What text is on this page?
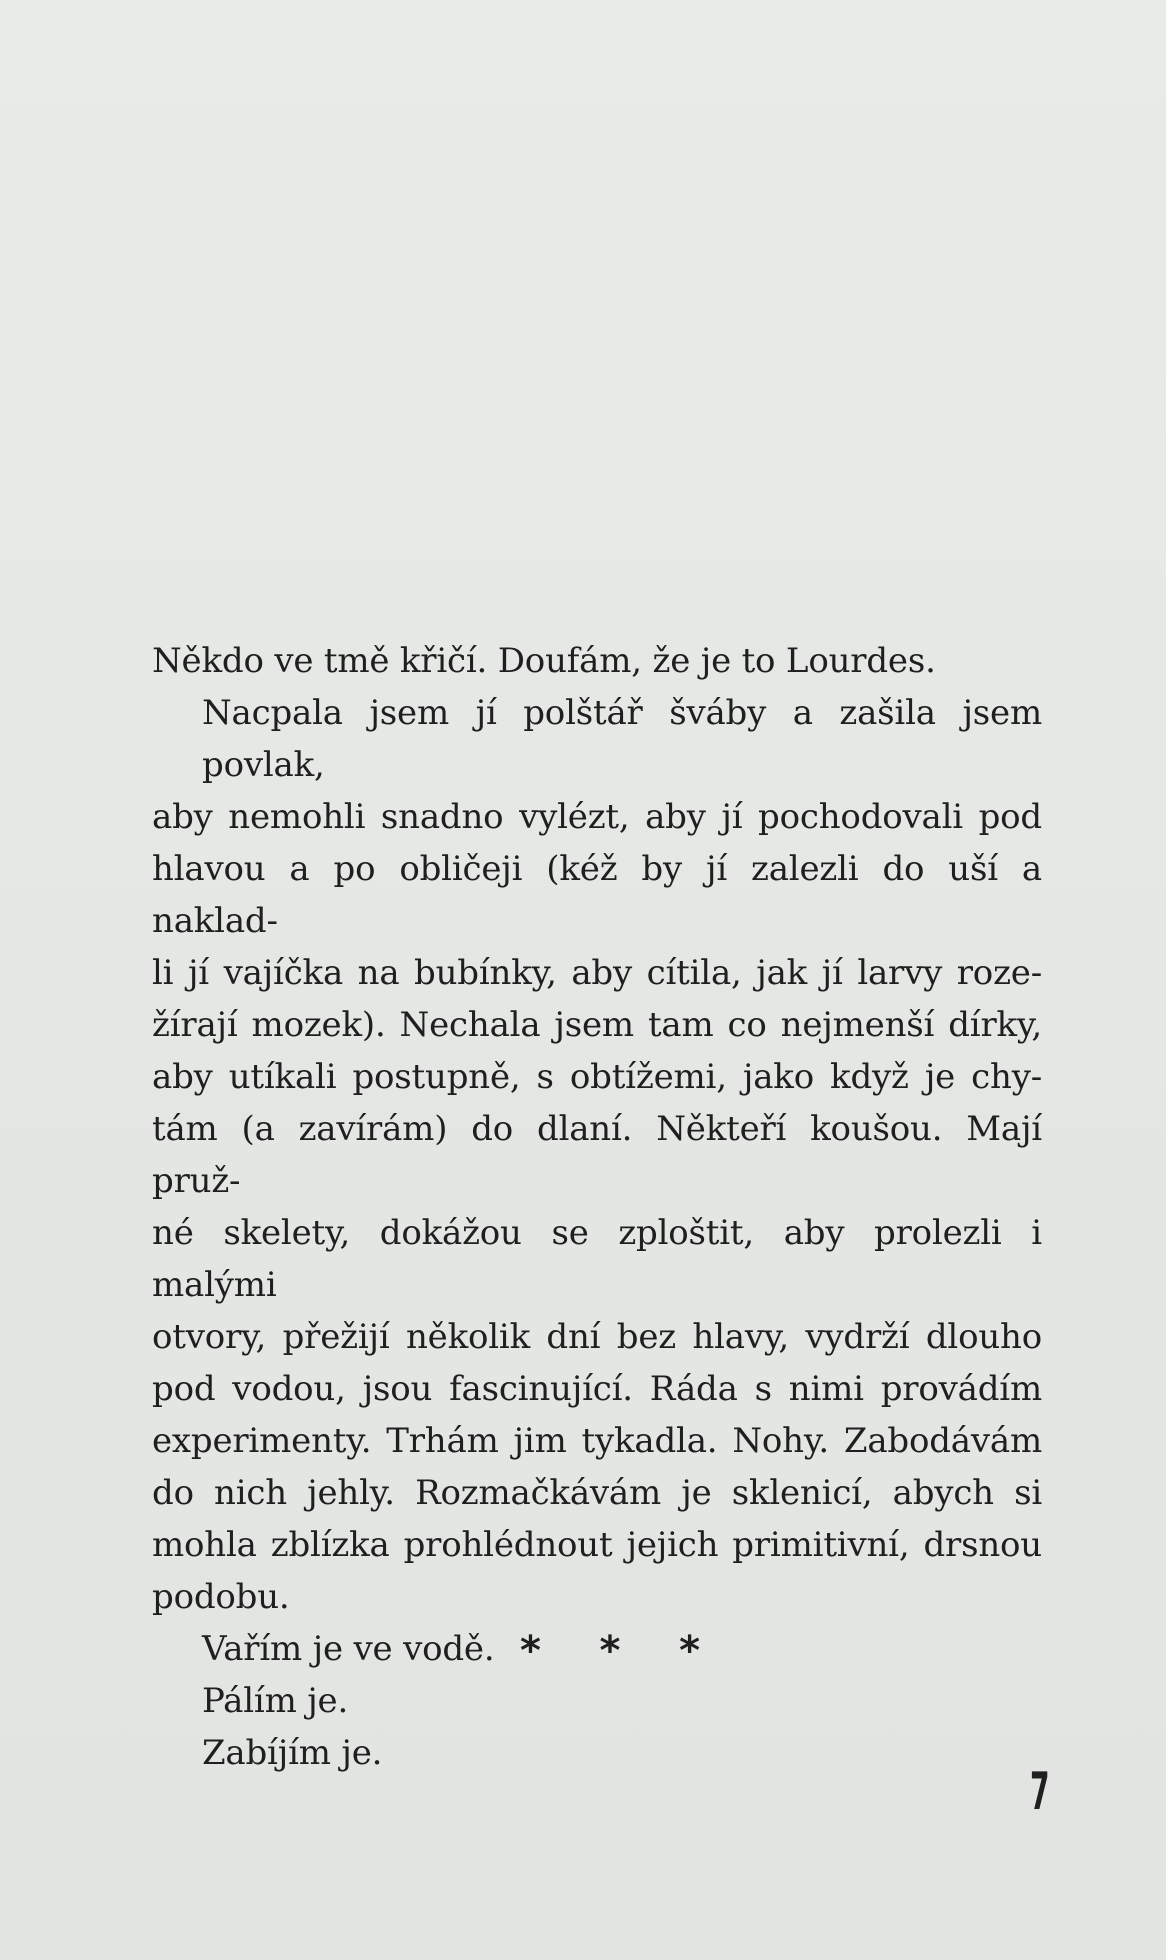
Někdo ve tmě křičí. Doufám, že je to Lourdes.
Nacpala jsem jí polštář šváby a zašila jsem povlak,
aby nemohli snadno vylézt, aby jí pochodovali pod
hlavou a po obličeji (kéž by jí zalezli do uší a naklad-
li jí vajíčka na bubínky, aby cítila, jak jí larvy roze-
žírají mozek). Nechala jsem tam co nejmenší dírky,
aby utíkali postupně, s obtížemi, jako když je chy-
tám (a zavírám) do dlaní. Někteří koušou. Mají pruž-
né skelety, dokážou se zploštit, aby prolezli i malými
otvory, přežijí několik dní bez hlavy, vydrží dlouho
pod vodou, jsou fascinující. Ráda s nimi provádím
experimenty. Trhám jim tykadla. Nohy. Zabodávám
do nich jehly. Rozmačkávám je sklenicí, abych si
mohla zblízka prohlédnout jejich primitivní, drsnou
podobu.
Vařím je ve vodě.
Pálím je.
Zabíjím je.
* * *
7
